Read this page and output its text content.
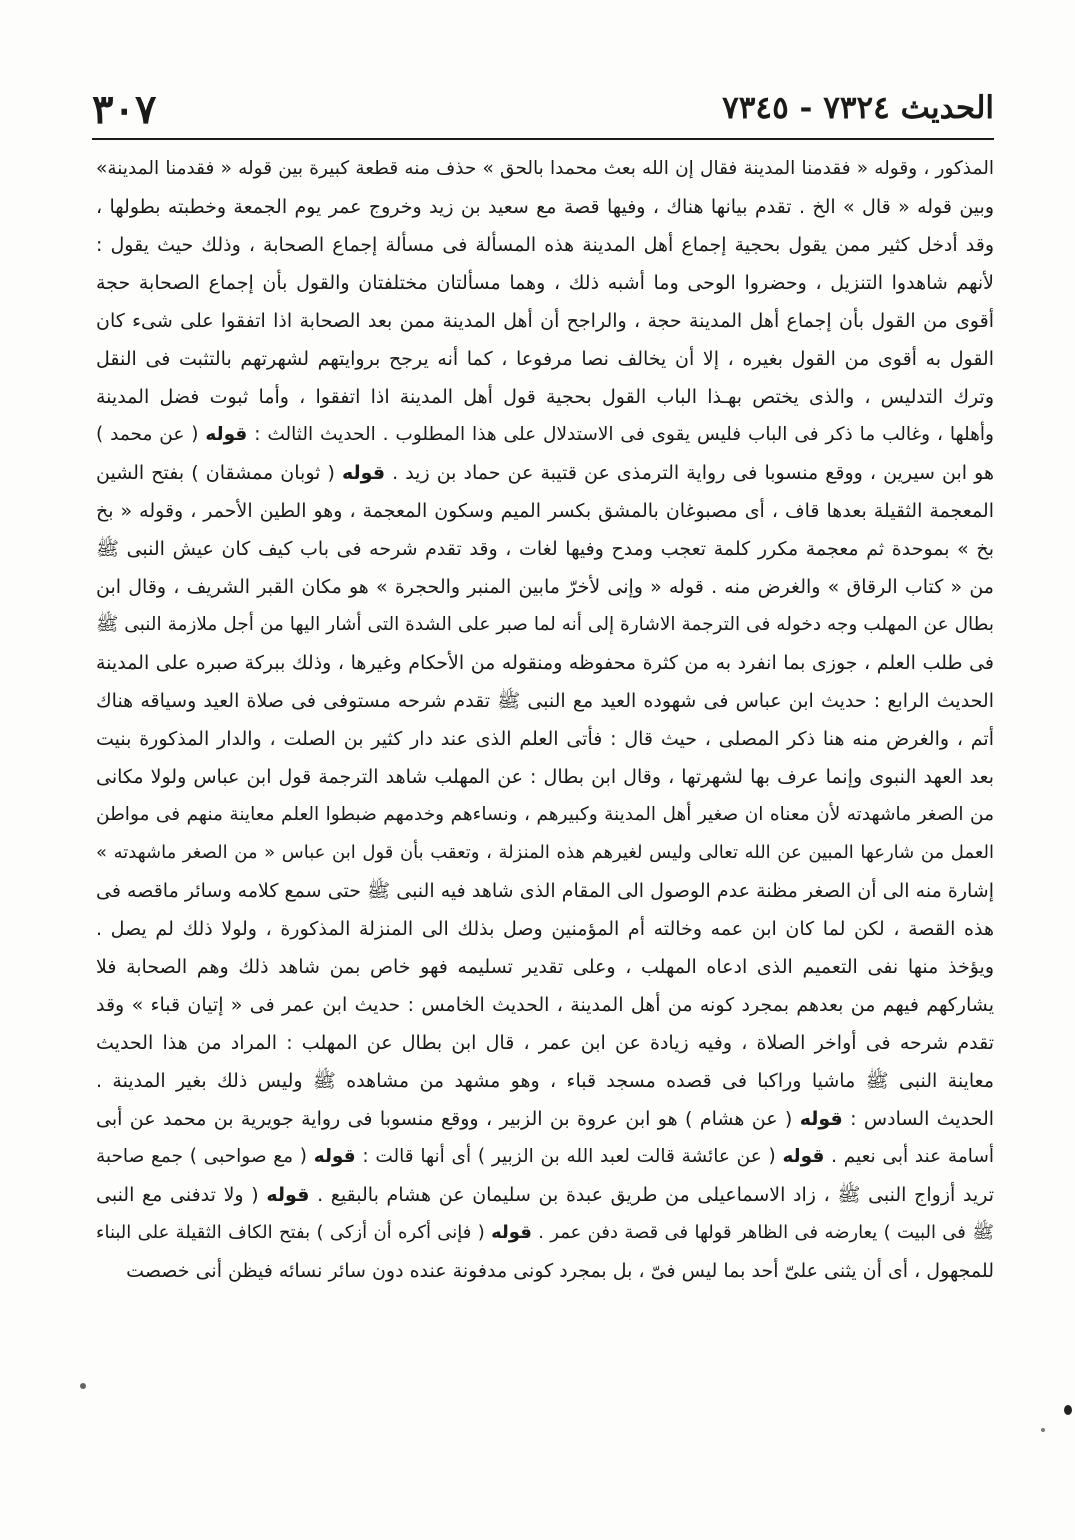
الحديث ٧٣٢٤ - ٧٣٤٥
٣٠٧
المذكور ، وقوله « فقدمنا المدينة فقال إن الله بعث محمدا بالحق » حذف منه قطعة كبيرة بين قوله « فقدمنا المدينة»
وبين قوله « قال » الخ . تقدم بيانها هناك ، وفيها قصة مع سعيد بن زيد وخروج عمر يوم الجمعة وخطبته بطولها ،
وقد أدخل كثير ممن يقول بحجية إجماع أهل المدينة هذه المسألة فى مسألة إجماع الصحابة ، وذلك حيث يقول :
لأنهم شاهدوا التنزيل ، وحضروا الوحى وما أشبه ذلك ، وهما مسألتان مختلفتان والقول بأن إجماع الصحابة حجة
أقوى من القول بأن إجماع أهل المدينة حجة ، والراجح أن أهل المدينة ممن بعد الصحابة اذا اتفقوا على شىء كان
القول به أقوى من القول بغيره ، إلا أن يخالف نصا مرفوعا ، كما أنه يرجح بروايتهم لشهرتهم بالتثبت فى النقل
وترك التدليس ، والذى يختص بهـذا الباب القول بحجية قول أهل المدينة اذا اتفقوا ، وأما ثبوت فضل المدينة
وأهلها ، وغالب ما ذكر فى الباب فليس يقوى فى الاستدلال على هذا المطلوب . الحديث الثالث : قوله ( عن محمد )
هو ابن سيرين ، ووقع منسوبا فى رواية الترمذى عن قتيبة عن حماد بن زيد . قوله ( ثوبان ممشقان ) بفتح الشين
المعجمة الثقيلة بعدها قاف ، أى مصبوغان بالمشق بكسر الميم وسكون المعجمة ، وهو الطين الأحمر ، وقوله « بخ
بخ » بموحدة ثم معجمة مكرر كلمة تعجب ومدح وفيها لغات ، وقد تقدم شرحه فى باب كيف كان عيش النبى ﷺ
من « كتاب الرقاق » والغرض منه . قوله « وإنى لأخرّ مابين المنبر والحجرة » هو مكان القبر الشريف ، وقال ابن
بطال عن المهلب وجه دخوله فى الترجمة الاشارة إلى أنه لما صبر على الشدة التى أشار اليها من أجل ملازمة النبى ﷺ
فى طلب العلم ، جوزى بما انفرد به من كثرة محفوظه ومنقوله من الأحكام وغيرها ، وذلك ببركة صبره على المدينة
الحديث الرابع : حديث ابن عباس فى شهوده العيد مع النبى ﷺ تقدم شرحه مستوفى فى صلاة العيد وسياقه هناك
أتم ، والغرض منه هنا ذكر المصلى ، حيث قال : فأتى العلم الذى عند دار كثير بن الصلت ، والدار المذكورة بنيت
بعد العهد النبوى وإنما عرف بها لشهرتها ، وقال ابن بطال : عن المهلب شاهد الترجمة قول ابن عباس ولولا مكانى
من الصغر ماشهدته لأن معناه ان صغير أهل المدينة وكبيرهم ، ونساءهم وخدمهم ضبطوا العلم معاينة منهم فى مواطن
العمل من شارعها المبين عن الله تعالى وليس لغيرهم هذه المنزلة ، وتعقب بأن قول ابن عباس « من الصغر ماشهدته »
إشارة منه الى أن الصغر مظنة عدم الوصول الى المقام الذى شاهد فيه النبى ﷺ حتى سمع كلامه وسائر ماقصه فى
هذه القصة ، لكن لما كان ابن عمه وخالته أم المؤمنين وصل بذلك الى المنزلة المذكورة ، ولولا ذلك لم يصل .
ويؤخذ منها نفى التعميم الذى ادعاه المهلب ، وعلى تقدير تسليمه فهو خاص بمن شاهد ذلك وهم الصحابة فلا
يشاركهم فيهم من بعدهم بمجرد كونه من أهل المدينة ، الحديث الخامس : حديث ابن عمر فى « إتيان قباء » وقد
تقدم شرحه فى أواخر الصلاة ، وفيه زيادة عن ابن عمر ، قال ابن بطال عن المهلب : المراد من هذا الحديث
معاينة النبى ﷺ ماشيا وراكبا فى قصده مسجد قباء ، وهو مشهد من مشاهده ﷺ وليس ذلك بغير المدينة .
الحديث السادس : قوله ( عن هشام ) هو ابن عروة بن الزبير ، ووقع منسوبا فى رواية جويرية بن محمد عن أبى
أسامة عند أبى نعيم . قوله ( عن عائشة قالت لعبد الله بن الزبير ) أى أنها قالت : قوله ( مع صواحبى ) جمع صاحبة
تريد أزواج النبى ﷺ ، زاد الاسماعيلى من طريق عبدة بن سليمان عن هشام بالبقيع . قوله ( ولا تدفنى مع النبى
ﷺ فى البيت ) يعارضه فى الظاهر قولها فى قصة دفن عمر . قوله ( فإنى أكره أن أزكى ) بفتح الكاف الثقيلة على البناء
للمجهول ، أى أن يثنى علىّ أحد بما ليس فىّ ، بل بمجرد كونى مدفونة عنده دون سائر نسائه فيظن أنى خصصت
